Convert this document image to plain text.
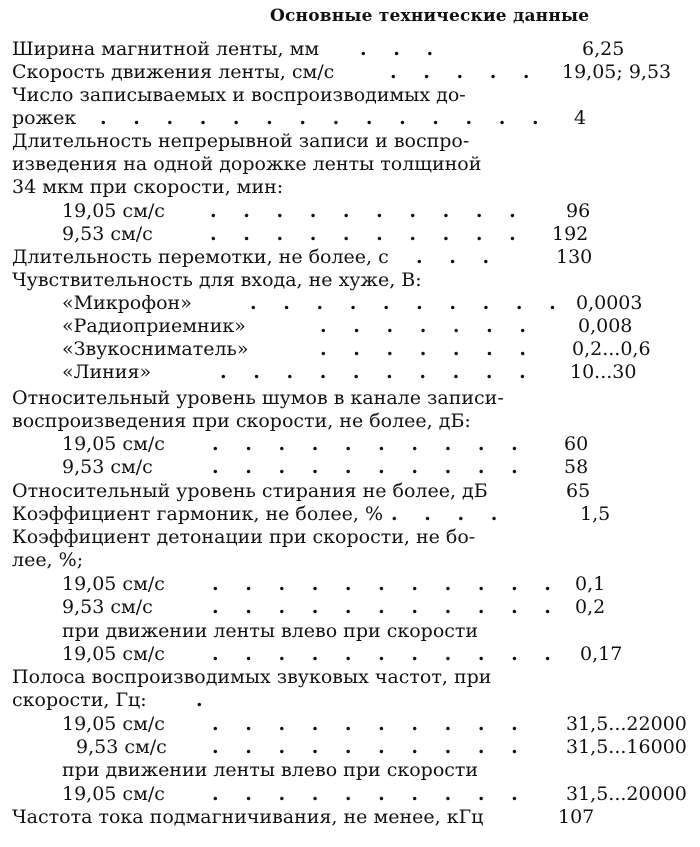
Основные технические данные
Ширина магнитной ленты, мм . . .	6,25
Скорость движения ленты, см/с	. . . . . 19,05; 9,53
Число записываемых и воспроизводимых до-
рожек . . . . . . . . . . . . . . 4
Длительность непрерывной записи и воспро-
изведения на одной дорожке ленты толщиной
34 мкм при скорости, мин:
19,05 см/с . . . . . . . . . . 96
9,53 см/с	. . . . . . . . . . 192
Длительность перемотки, не более, с . . .	130
Чувствительность для входа, не хуже, В:
«Микрофон»	. . . . . . . . . . 0,0003
«Радиоприемник»	. . . . . . . 0,008
«Звукосниматель»	. . . . . . . 0,2...0,6
«Линия»	. . . . . . . . . . 10...30
Относительный уровень шумов в канале записи-
воспроизведения при скорости, не более, дБ:
19,05 см/с . . . . . . . . . . 60
9,53 см/с	. . . . . . . . . . 58
Относительный уровень стирания не более, дБ	65
Коэффициент гармоник, не более, % . . . .	1,5
Коэффициент детонации при скорости, не бо-
лее, %;
19,05 см/с . . . . . . . . . . . 0,1
9,53 см/с	. . . . . . . . . . . 0,2
при движении ленты влево при скорости
19,05 см/с . . . . . . . . . . . 0,17
Полоса воспроизводимых звуковых частот, при
скорости, Гц:	.
19,05 см/с . . . . . . . . . . 31,5...22000
9,53 см/с . . . . . . . . . . 31,5...16000
при движении ленты влево при скорости
19,05 см/с . . . . . . . . . . 31,5...20000
Частота тока подмагничивания, не менее, кГц	107
